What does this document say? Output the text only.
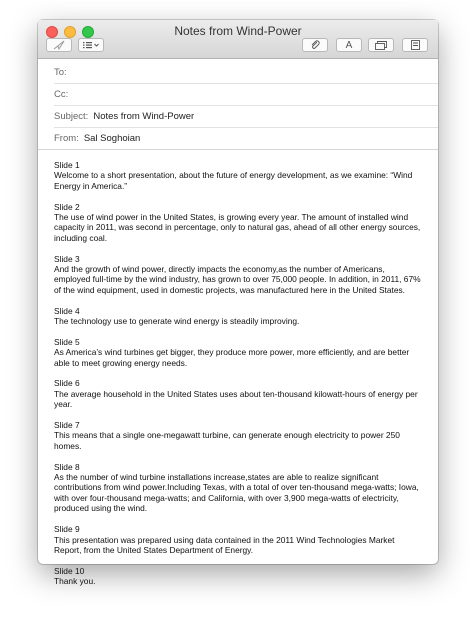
Notes from Wind-Power
A
To:
Cc:
Subject: Notes from Wind-Power
From: Sal Soghoian
Slide 1
Welcome to a short presentation, about the future of energy development, as we examine: “Wind Energy in America.”
Slide 2
The use of wind power in the United States, is growing every year. The amount of installed wind capacity in 2011, was second in percentage, only to natural gas, ahead of all other energy sources, including coal.
Slide 3
And the growth of wind power, directly impacts the economy,as the number of Americans, employed full-time by the wind industry, has grown to over 75,000 people. In addition, in 2011, 67% of the wind equipment, used in domestic projects, was manufactured here in the United States.
Slide 4
The technology use to generate wind energy is steadily improving.
Slide 5
As America’s wind turbines get bigger, they produce more power, more efficiently, and are better able to meet growing energy needs.
Slide 6
The average household in the United States uses about ten-thousand kilowatt-hours of energy per year.
Slide 7
This means that a single one-megawatt turbine, can generate enough electricity to power 250 homes.
Slide 8
As the number of wind turbine installations increase,states are able to realize significant contributions from wind power.Including Texas, with a total of over ten-thousand mega-watts; Iowa, with over four-thousand mega-watts; and California, with over 3,900 mega-watts of electricity, produced using the wind.
Slide 9
This presentation was prepared using data contained in the 2011 Wind Technologies Market Report, from the United States Department of Energy.
Slide 10
Thank you.
